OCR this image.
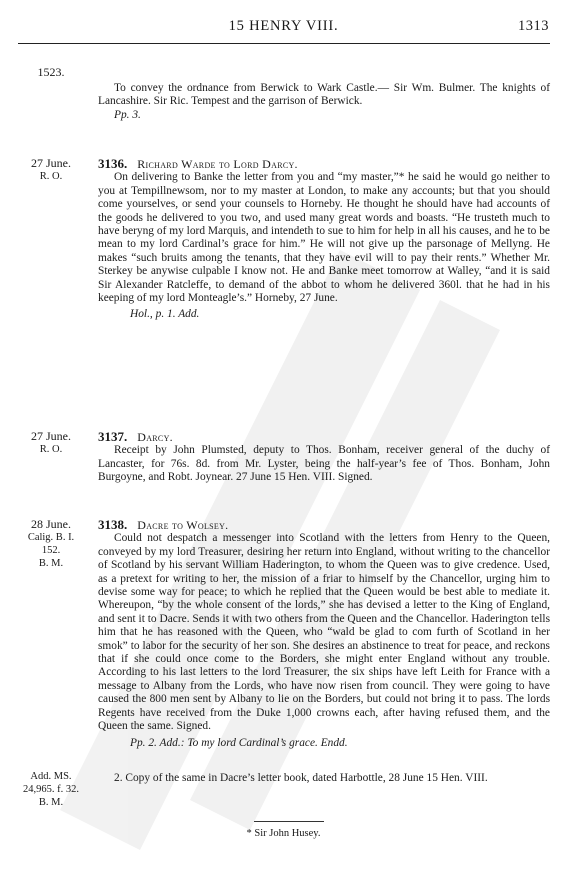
15 HENRY VIII.	1313
1523.

To convey the ordnance from Berwick to Wark Castle.— Sir Wm. Bulmer. The knights of Lancashire. Sir Ric. Tempest and the garrison of Berwick.

Pp. 3.

27 June.
R. O.

3136. Richard Warde to Lord Darcy.

On delivering to Banke the letter from you and “my master,”* he said he would go neither to you at Tempillnewsom, nor to my master at London, to make any accounts; but that you should come yourselves, or send your counsels to Horneby. He thought he should have had accounts of the goods he delivered to you two, and used many great words and boasts. “He trusteth much to have beryng of my lord Marquis, and intendeth to sue to him for help in all his causes, and he to be mean to my lord Cardinal’s grace for him.” He will not give up the parsonage of Mellyng. He makes “such bruits among the tenants, that they have evil will to pay their rents.” Whether Mr. Sterkey be anywise culpable I know not. He and Banke meet tomorrow at Walley, “and it is said Sir Alexander Ratcleffe, to demand of the abbot to whom he delivered 360l. that he had in his keeping of my lord Monteagle’s.” Horneby, 27 June.

Hol., p. 1. Add.

27 June.
R. O.

3137. Darcy.

Receipt by John Plumsted, deputy to Thos. Bonham, receiver general of the duchy of Lancaster, for 76s. 8d. from Mr. Lyster, being the half-year’s fee of Thos. Bonham, John Burgoyne, and Robt. Joynear. 27 June 15 Hen. VIII. Signed.

28 June.
Calig. B. I.
152.
B. M.

3138. Dacre to Wolsey.

Could not despatch a messenger into Scotland with the letters from Henry to the Queen, conveyed by my lord Treasurer, desiring her return into England, without writing to the chancellor of Scotland by his servant William Haderington, to whom the Queen was to give credence. Used, as a pretext for writing to her, the mission of a friar to himself by the Chancellor, urging him to devise some way for peace; to which he replied that the Queen would be best able to mediate it. Whereupon, “by the whole consent of the lords,” she has devised a letter to the King of England, and sent it to Dacre. Sends it with two others from the Queen and the Chancellor. Haderington tells him that he has reasoned with the Queen, who “wald be glad to com furth of Scotland in her smok” to labor for the security of her son. She desires an abstinence to treat for peace, and reckons that if she could once come to the Borders, she might enter England without any trouble. According to his last letters to the lord Treasurer, the six ships have left Leith for France with a message to Albany from the Lords, who have now risen from council. They were going to have caused the 800 men sent by Albany to lie on the Borders, but could not bring it to pass. The lords Regents have received from the Duke 1,000 crowns each, after having refused them, and the Queen the same. Signed.

Pp. 2. Add.: To my lord Cardinal’s grace. Endd.

Add. MS.
24,965. f. 32.
B. M.

2. Copy of the same in Dacre’s letter book, dated Harbottle, 28 June 15 Hen. VIII.

* Sir John Husey.
